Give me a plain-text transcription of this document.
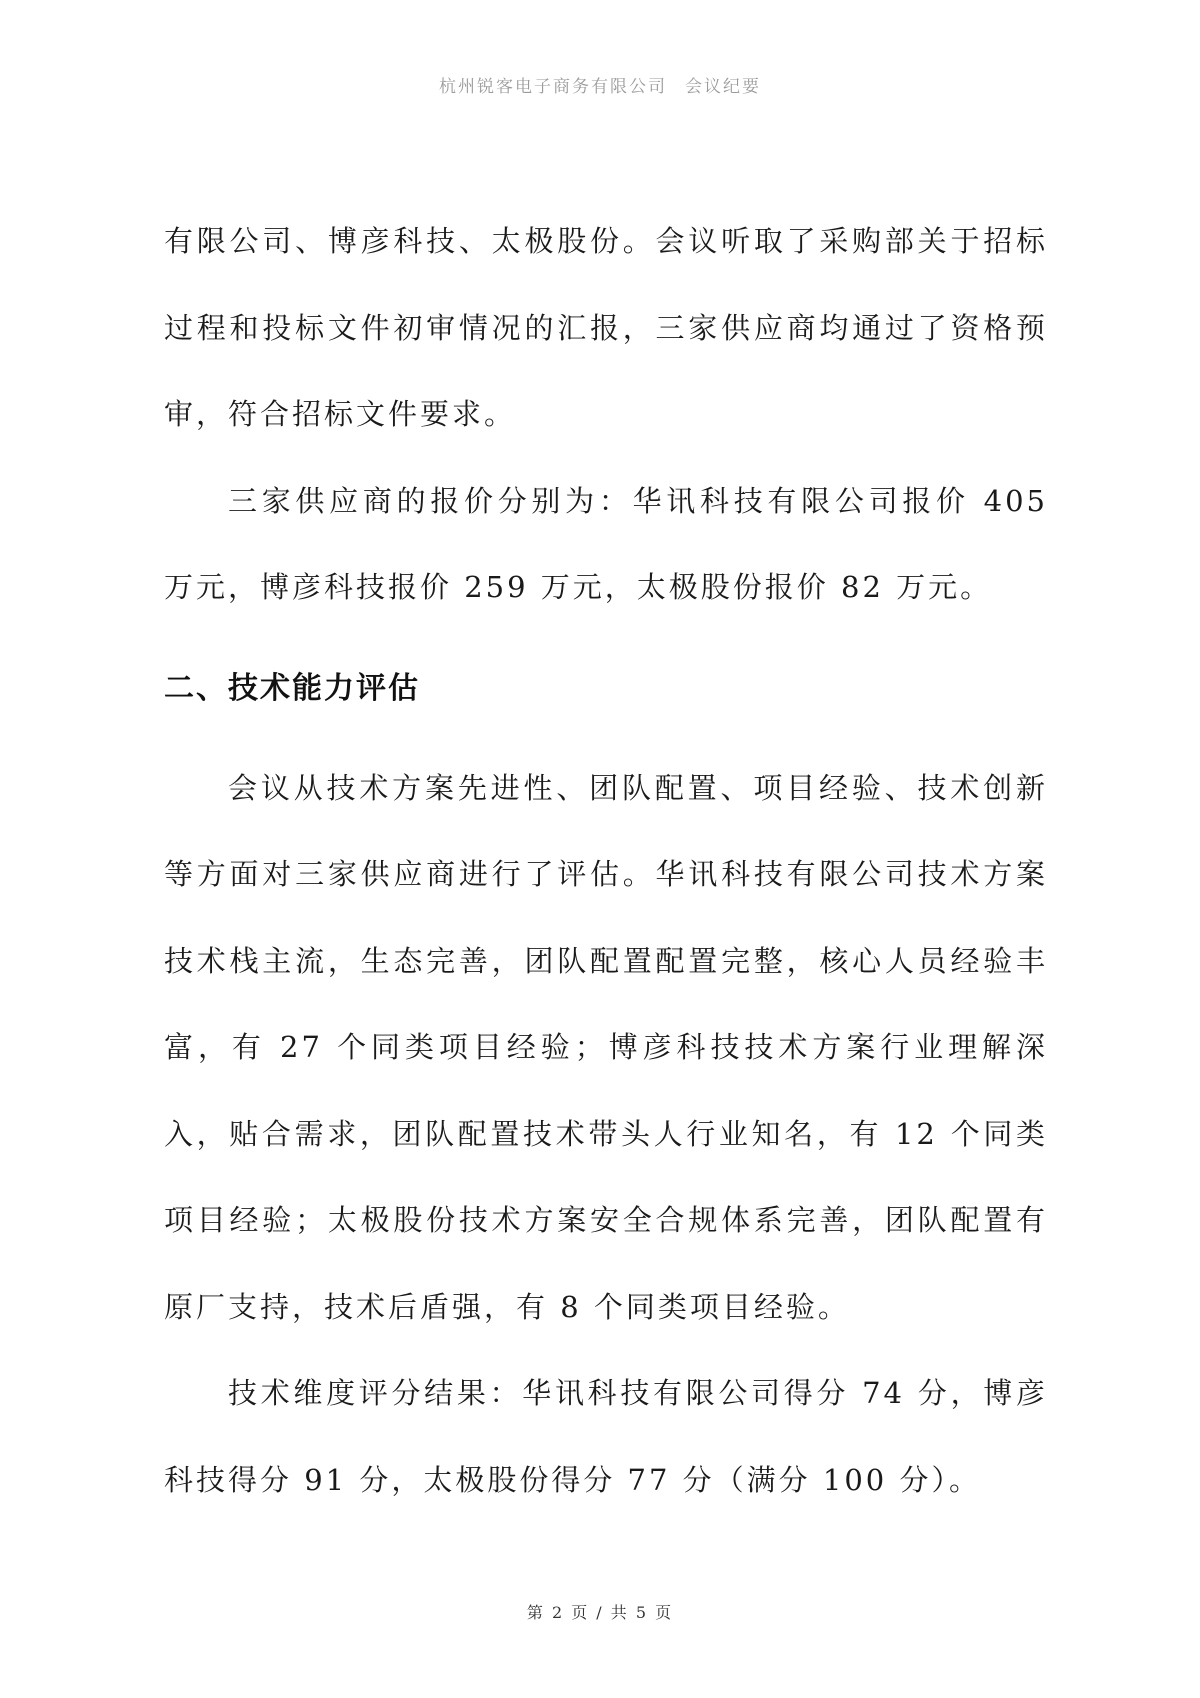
杭州锐客电子商务有限公司 会议纪要

有限公司、博彦科技、太极股份。会议听取了采购部关于招标过程和投标文件初审情况的汇报，三家供应商均通过了资格预审，符合招标文件要求。

三家供应商的报价分别为：华讯科技有限公司报价 405 万元，博彦科技报价 259 万元，太极股份报价 82 万元。

二、技术能力评估

会议从技术方案先进性、团队配置、项目经验、技术创新等方面对三家供应商进行了评估。华讯科技有限公司技术方案技术栈主流，生态完善，团队配置配置完整，核心人员经验丰富，有 27 个同类项目经验；博彦科技技术方案行业理解深入，贴合需求，团队配置技术带头人行业知名，有 12 个同类项目经验；太极股份技术方案安全合规体系完善，团队配置有原厂支持，技术后盾强，有 8 个同类项目经验。

技术维度评分结果：华讯科技有限公司得分 74 分，博彦科技得分 91 分，太极股份得分 77 分（满分 100 分）。

第 2 页 / 共 5 页
